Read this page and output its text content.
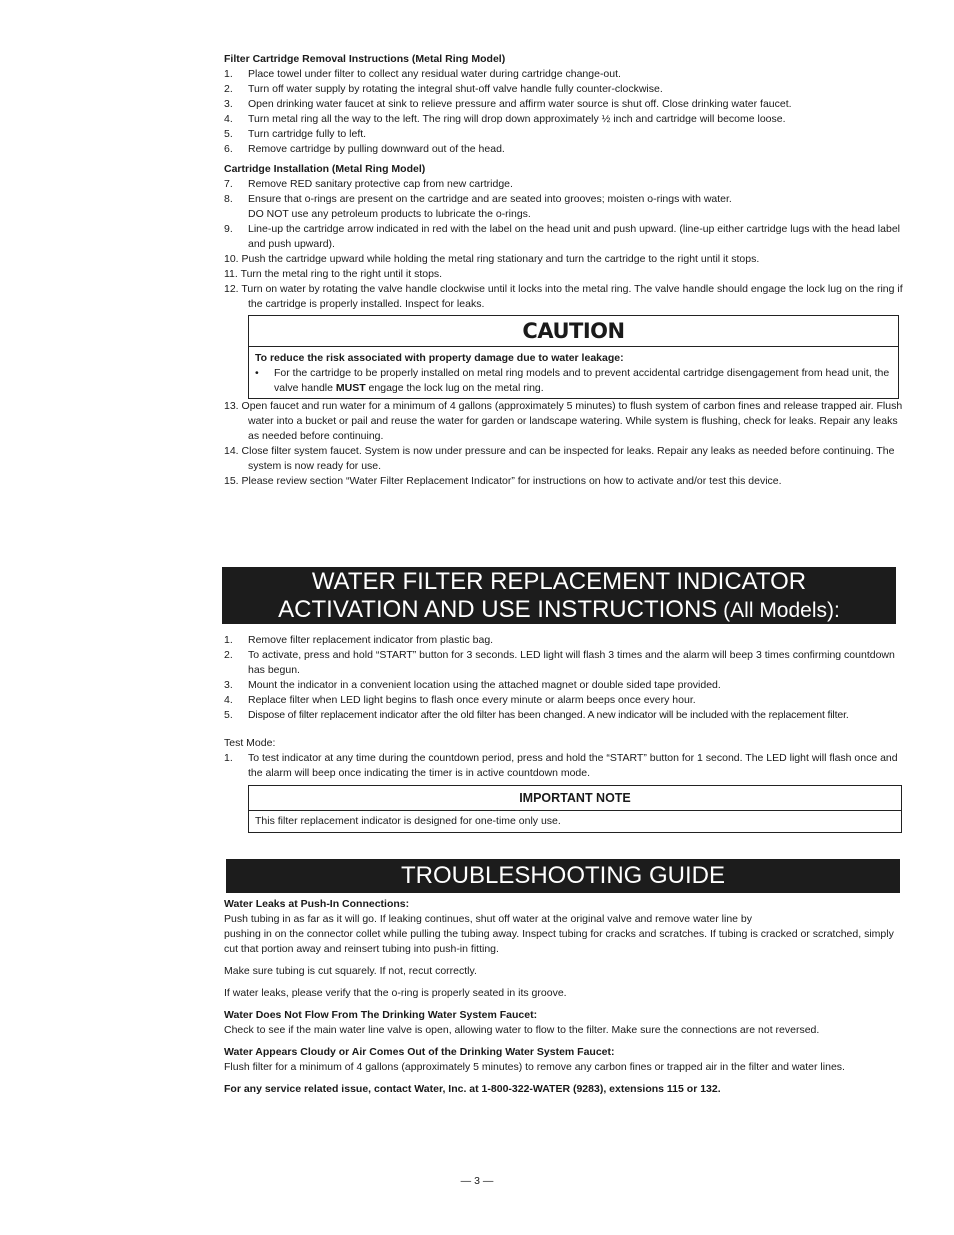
Filter Cartridge Removal Instructions (Metal Ring Model)
1. Place towel under filter to collect any residual water during cartridge change-out.
2. Turn off water supply by rotating the integral shut-off valve handle fully counter-clockwise.
3. Open drinking water faucet at sink to relieve pressure and affirm water source is shut off. Close drinking water faucet.
4. Turn metal ring all the way to the left. The ring will drop down approximately ½ inch and cartridge will become loose.
5. Turn cartridge fully to left.
6. Remove cartridge by pulling downward out of the head.
Cartridge Installation (Metal Ring Model)
7. Remove RED sanitary protective cap from new cartridge.
8. Ensure that o-rings are present on the cartridge and are seated into grooves; moisten o-rings with water.
DO NOT use any petroleum products to lubricate the o-rings.
9. Line-up the cartridge arrow indicated in red with the label on the head unit and push upward. (line-up either cartridge lugs with the head label and push upward).
10. Push the cartridge upward while holding the metal ring stationary and turn the cartridge to the right until it stops.
11. Turn the metal ring to the right until it stops.
12. Turn on water by rotating the valve handle clockwise until it locks into the metal ring. The valve handle should engage the lock lug on the ring if the cartridge is properly installed. Inspect for leaks.
CAUTION
To reduce the risk associated with property damage due to water leakage:
• For the cartridge to be properly installed on metal ring models and to prevent accidental cartridge disengagement from head unit, the valve handle MUST engage the lock lug on the metal ring.
13. Open faucet and run water for a minimum of 4 gallons (approximately 5 minutes) to flush system of carbon fines and release trapped air. Flush water into a bucket or pail and reuse the water for garden or landscape watering. While system is flushing, check for leaks. Repair any leaks as needed before continuing.
14. Close filter system faucet. System is now under pressure and can be inspected for leaks. Repair any leaks as needed before continuing. The system is now ready for use.
15. Please review section “Water Filter Replacement Indicator” for instructions on how to activate and/or test this device.
WATER FILTER REPLACEMENT INDICATOR
ACTIVATION AND USE INSTRUCTIONS (All Models):
1. Remove filter replacement indicator from plastic bag.
2. To activate, press and hold “START” button for 3 seconds. LED light will flash 3 times and the alarm will beep 3 times confirming countdown has begun.
3. Mount the indicator in a convenient location using the attached magnet or double sided tape provided.
4. Replace filter when LED light begins to flash once every minute or alarm beeps once every hour.
5. Dispose of filter replacement indicator after the old filter has been changed. A new indicator will be included with the replacement filter.
Test Mode:
1. To test indicator at any time during the countdown period, press and hold the “START” button for 1 second. The LED light will flash once and the alarm will beep once indicating the timer is in active countdown mode.
IMPORTANT NOTE
This filter replacement indicator is designed for one-time only use.
TROUBLESHOOTING GUIDE

Water Leaks at Push-In Connections:

Push tubing in as far as it will go. If leaking continues, shut off water at the original valve and remove water line by

pushing in on the connector collet while pulling the tubing away. Inspect tubing for cracks and scratches. If tubing is cracked or scratched, simply cut that portion away and reinsert tubing into push-in fitting.

Make sure tubing is cut squarely. If not, recut correctly.

If water leaks, please verify that the o-ring is properly seated in its groove.

Water Does Not Flow From The Drinking Water System Faucet:

Check to see if the main water line valve is open, allowing water to flow to the filter. Make sure the connections are not reversed.

Water Appears Cloudy or Air Comes Out of the Drinking Water System Faucet:

Flush filter for a minimum of 4 gallons (approximately 5 minutes) to remove any carbon fines or trapped air in the filter and water lines.

For any service related issue, contact Water, Inc. at 1-800-322-WATER (9283), extensions 115 or 132.

— 3 —
